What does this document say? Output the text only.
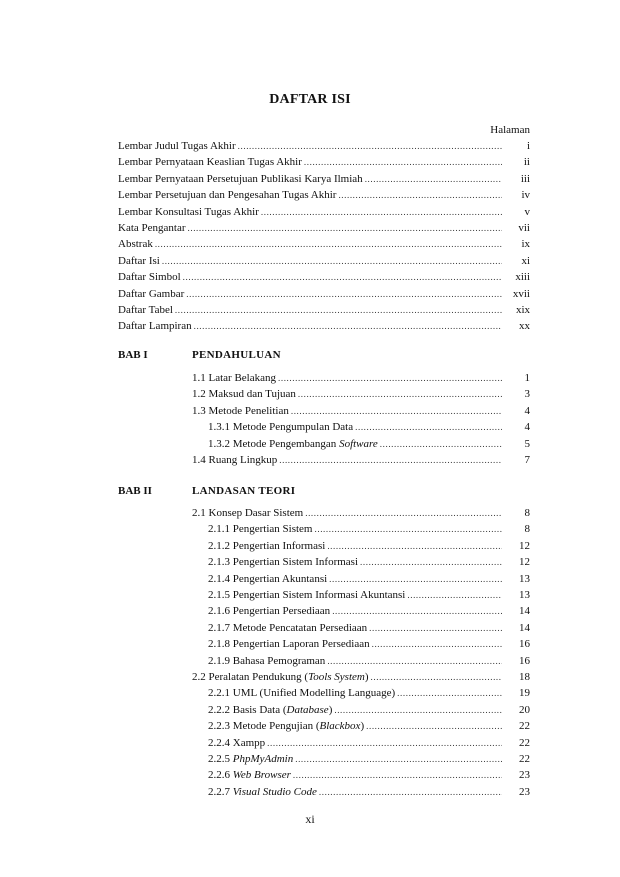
DAFTAR ISI
Halaman
Lembar Judul Tugas Akhir .....	i
Lembar Pernyataan Keaslian Tugas Akhir .....	ii
Lembar Pernyataan Persetujuan Publikasi Karya Ilmiah .....	iii
Lembar Persetujuan dan Pengesahan Tugas Akhir .....	iv
Lembar Konsultasi Tugas Akhir .....	v
Kata Pengantar .....	vii
Abstrak .....	ix
Daftar Isi .....	xi
Daftar Simbol .....	xiii
Daftar Gambar .....	xvii
Daftar Tabel .....	xix
Daftar Lampiran .....	xx
BAB I	PENDAHULUAN
1.1 Latar Belakang .....	1
1.2 Maksud dan Tujuan .....	3
1.3 Metode Penelitian .....	4
1.3.1 Metode Pengumpulan Data .....	4
1.3.2 Metode Pengembangan Software .....	5
1.4 Ruang Lingkup .....	7
BAB II	LANDASAN TEORI
2.1 Konsep Dasar Sistem .....	8
2.1.1 Pengertian Sistem .....	8
2.1.2 Pengertian Informasi .....	12
2.1.3 Pengertian Sistem Informasi .....	12
2.1.4 Pengertian Akuntansi .....	13
2.1.5 Pengertian Sistem Informasi Akuntansi .....	13
2.1.6 Pengertian Persediaan .....	14
2.1.7 Metode Pencatatan Persediaan .....	14
2.1.8 Pengertian Laporan Persediaan .....	16
2.1.9 Bahasa Pemograman .....	16
2.2 Peralatan Pendukung (Tools System) .....	18
2.2.1 UML (Unified Modelling Language) .....	19
2.2.2 Basis Data (Database) .....	20
2.2.3 Metode Pengujian (Blackbox) .....	22
2.2.4 Xampp .....	22
2.2.5 PhpMyAdmin .....	22
2.2.6 Web Browser .....	23
2.2.7 Visual Studio Code .....	23
xi
